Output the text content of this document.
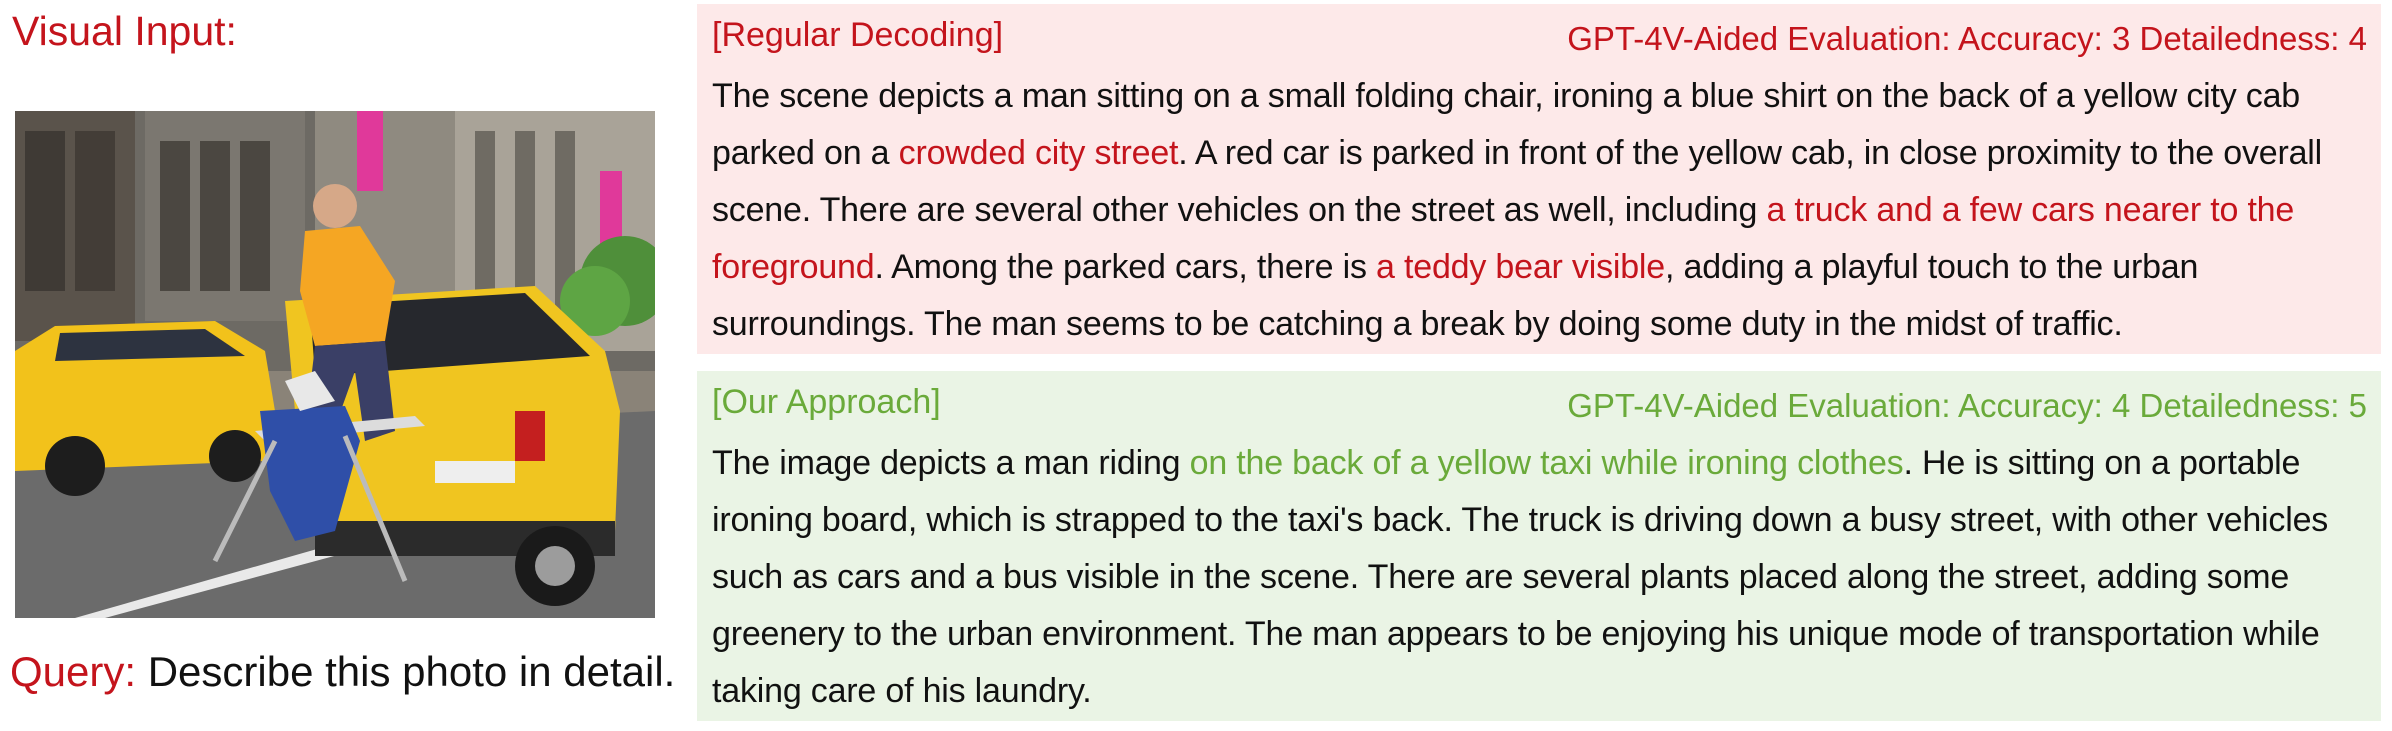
Visual Input:
Query: Describe this photo in detail.
[Regular Decoding]	GPT-4V-Aided Evaluation: Accuracy: 3 Detailedness: 4

The scene depicts a man sitting on a small folding chair, ironing a blue shirt on the back of a yellow city cab parked on a crowded city street. A red car is parked in front of the yellow cab, in close proximity to the overall scene. There are several other vehicles on the street as well, including a truck and a few cars nearer to the foreground. Among the parked cars, there is a teddy bear visible, adding a playful touch to the urban surroundings. The man seems to be catching a break by doing some duty in the midst of traffic.

[Our Approach]	GPT-4V-Aided Evaluation: Accuracy: 4 Detailedness: 5

The image depicts a man riding on the back of a yellow taxi while ironing clothes. He is sitting on a portable ironing board, which is strapped to the taxi's back. The truck is driving down a busy street, with other vehicles such as cars and a bus visible in the scene. There are several plants placed along the street, adding some greenery to the urban environment. The man appears to be enjoying his unique mode of transportation while taking care of his laundry.
